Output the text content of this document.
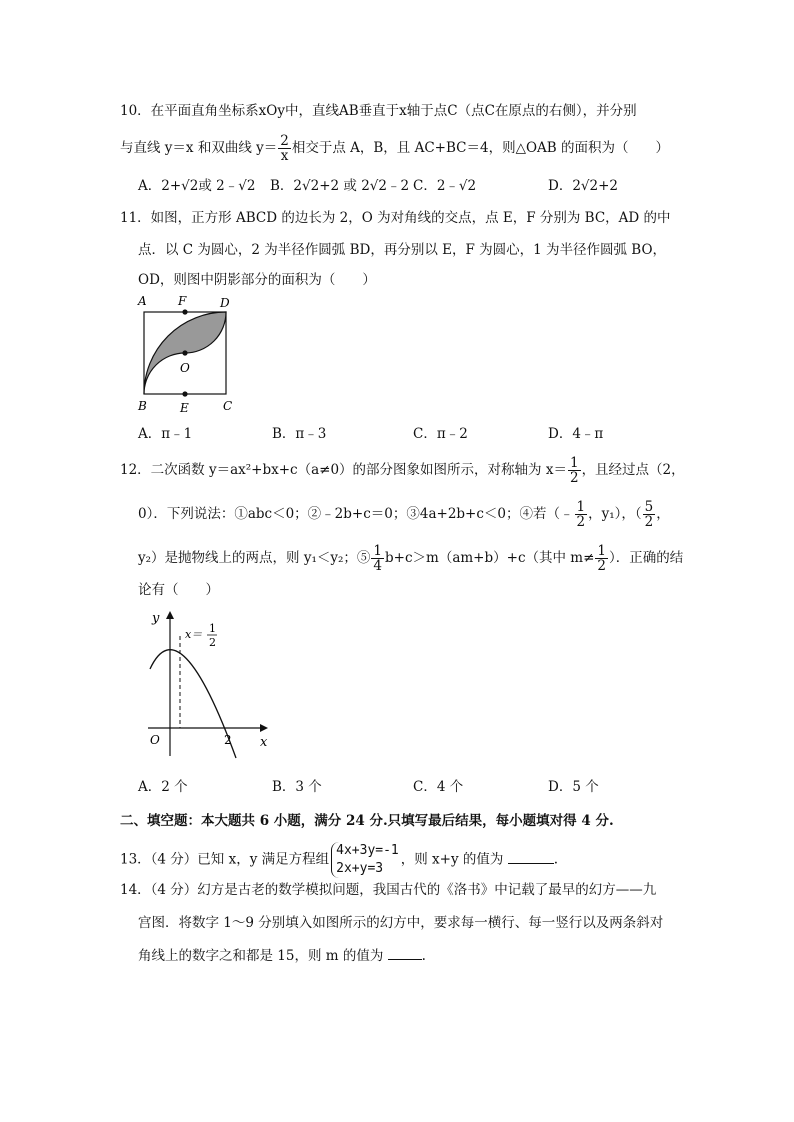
10．在平面直角坐标系xOy中，直线AB垂直于x轴于点C（点C在原点的右侧），并分别
与直线 y＝x 和双曲线 $y= \frac{2}{x}$ 相交于点 A，B，且 AC+BC＝4，则△OAB 的面积为（　　）
A．2+√2或 2﹣√2 B．2√2+2 或 2√2﹣2 C．2﹣√2	D．2√2+2
11．如图，正方形 ABCD 的边长为 2，O 为对角线的交点，点 E，F 分别为 BC，AD 的中
点．以 C 为圆心，2 为半径作圆弧 BD，再分别以 E，F 为圆心，1 为半径作圆弧 BO，
OD，则图中阴影部分的面积为（　　）
A	F	D
O
B	E	C
A．π﹣1	B．π﹣3	C．π﹣2	D．4﹣π
12．二次函数 y＝ax²+bx+c（a≠0）的部分图象如图所示，对称轴为 $x= \frac{1}{2}$ ，且经过点（2，
0）．下列说法：①abc＜0；②﹣2b+c＝0；③4a+2b+c＜0；④若（﹣ $\frac{1}{2}$ ，y₁），（ $\frac{5}{2}$ ，
y₂）是抛物线上的两点，则 y₁＜y₂；⑤ $\frac{1}{4} b+c>m(am+b)+c$（其中 $m\ne \frac{1}{2}$ ）．正确的结
论有（　　）
y
x
O	2
x＝ 1
2
A．2 个	B．3 个	C．4 个	D．5 个
二、填空题：本大题共 6 小题，满分 24 分.只填写最后结果，每小题填对得 4 分.
13．（4 分）已知 x，y 满足方程组
4x+3y=-1
2x+y=3
，则 x+y 的值为	.
14．（4 分）幻方是古老的数学模拟问题，我国古代的《洛书》中记载了最早的幻方——九
宫图．将数字 1～9 分别填入如图所示的幻方中，要求每一横行、每一竖行以及两条斜对
角线上的数字之和都是 15，则 m 的值为	.
